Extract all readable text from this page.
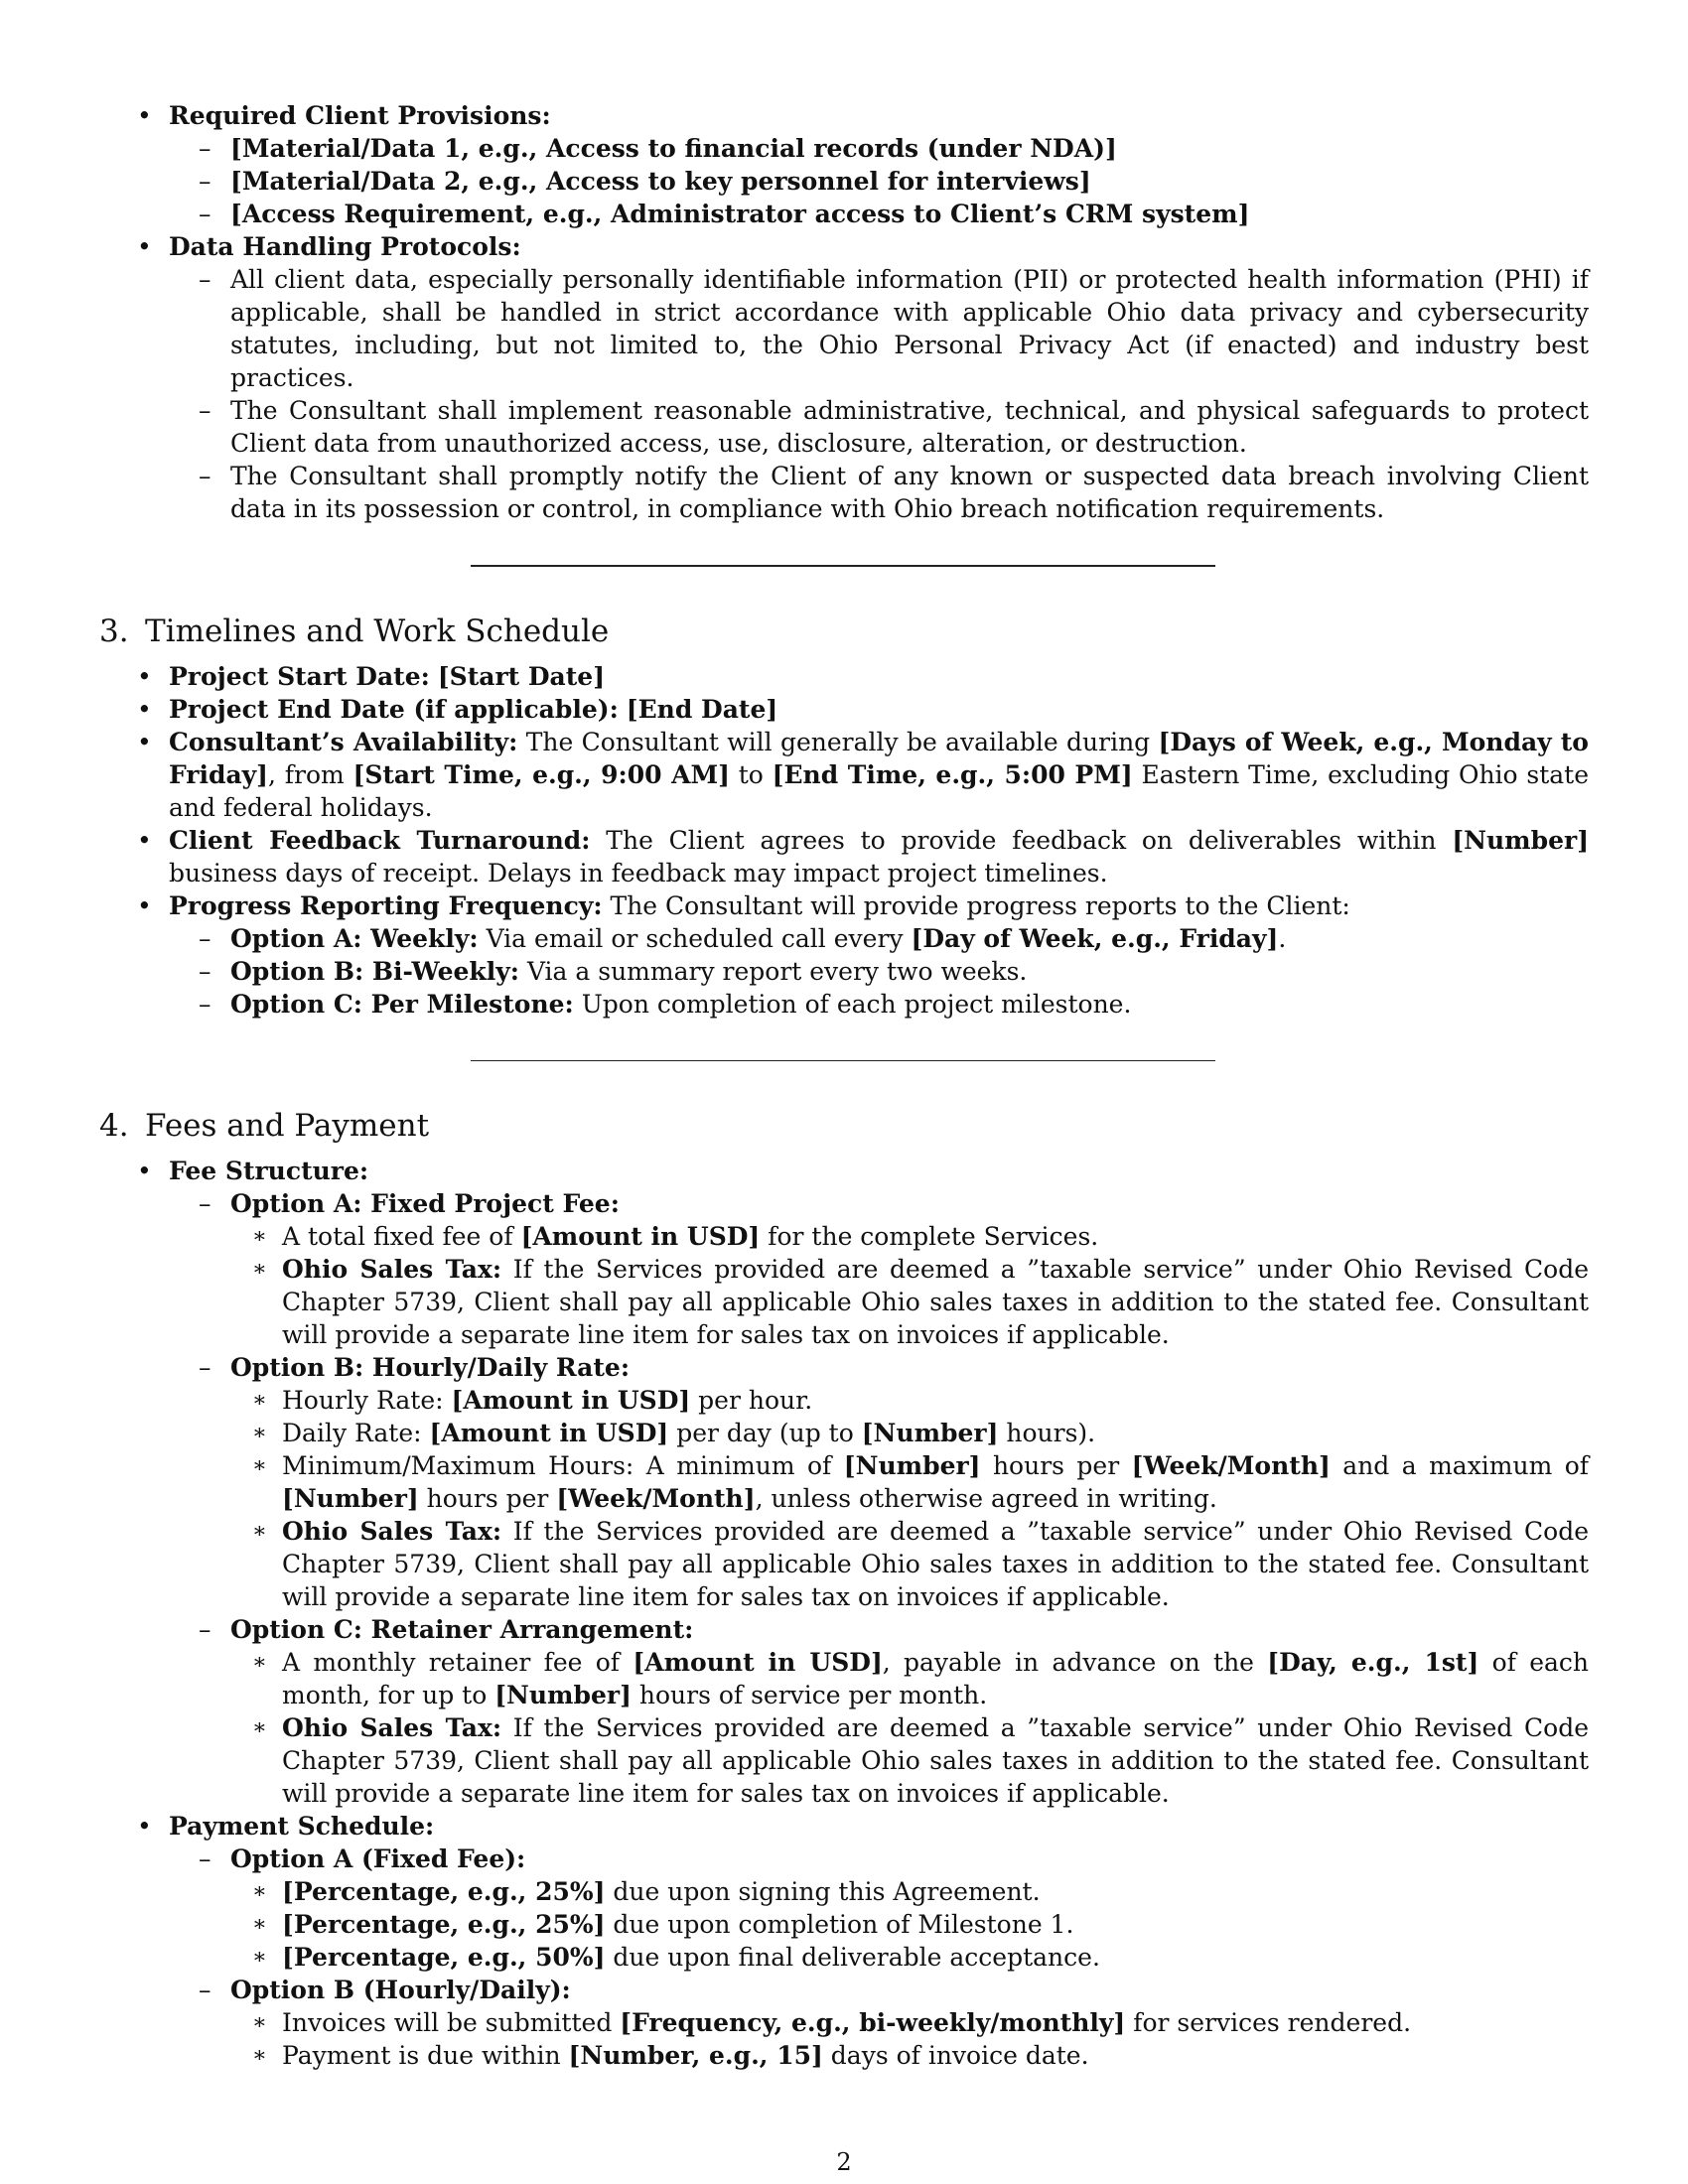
• Required Client Provisions:
– [Material/Data 1, e.g., Access to financial records (under NDA)]
– [Material/Data 2, e.g., Access to key personnel for interviews]
– [Access Requirement, e.g., Administrator access to Client’s CRM system]
• Data Handling Protocols:
– All client data, especially personally identifiable information (PII) or protected health information (PHI) if applicable, shall be handled in strict accordance with applicable Ohio data privacy and cybersecurity statutes, including, but not limited to, the Ohio Personal Privacy Act (if enacted) and industry best practices.
– The Consultant shall implement reasonable administrative, technical, and physical safeguards to protect Client data from unauthorized access, use, disclosure, alteration, or destruction.
– The Consultant shall promptly notify the Client of any known or suspected data breach involving Client data in its possession or control, in compliance with Ohio breach notification requirements.
3. Timelines and Work Schedule
• Project Start Date: [Start Date]
• Project End Date (if applicable): [End Date]
• Consultant’s Availability: The Consultant will generally be available during [Days of Week, e.g., Monday to Friday], from [Start Time, e.g., 9:00 AM] to [End Time, e.g., 5:00 PM] Eastern Time, excluding Ohio state and federal holidays.
• Client Feedback Turnaround: The Client agrees to provide feedback on deliverables within [Number] business days of receipt. Delays in feedback may impact project timelines.
• Progress Reporting Frequency: The Consultant will provide progress reports to the Client:
– Option A: Weekly: Via email or scheduled call every [Day of Week, e.g., Friday].
– Option B: Bi-Weekly: Via a summary report every two weeks.
– Option C: Per Milestone: Upon completion of each project milestone.
4. Fees and Payment
• Fee Structure:
– Option A: Fixed Project Fee:
∗ A total fixed fee of [Amount in USD] for the complete Services.
∗ Ohio Sales Tax: If the Services provided are deemed a ”taxable service” under Ohio Revised Code Chapter 5739, Client shall pay all applicable Ohio sales taxes in addition to the stated fee. Consultant will provide a separate line item for sales tax on invoices if applicable.
– Option B: Hourly/Daily Rate:
∗ Hourly Rate: [Amount in USD] per hour.
∗ Daily Rate: [Amount in USD] per day (up to [Number] hours).
∗ Minimum/Maximum Hours: A minimum of [Number] hours per [Week/Month] and a maximum of [Number] hours per [Week/Month], unless otherwise agreed in writing.
∗ Ohio Sales Tax: If the Services provided are deemed a ”taxable service” under Ohio Revised Code Chapter 5739, Client shall pay all applicable Ohio sales taxes in addition to the stated fee. Consultant will provide a separate line item for sales tax on invoices if applicable.
– Option C: Retainer Arrangement:
∗ A monthly retainer fee of [Amount in USD], payable in advance on the [Day, e.g., 1st] of each month, for up to [Number] hours of service per month.
∗ Ohio Sales Tax: If the Services provided are deemed a ”taxable service” under Ohio Revised Code Chapter 5739, Client shall pay all applicable Ohio sales taxes in addition to the stated fee. Consultant will provide a separate line item for sales tax on invoices if applicable.
• Payment Schedule:
– Option A (Fixed Fee):
∗ [Percentage, e.g., 25%] due upon signing this Agreement.
∗ [Percentage, e.g., 25%] due upon completion of Milestone 1.
∗ [Percentage, e.g., 50%] due upon final deliverable acceptance.
– Option B (Hourly/Daily):
∗ Invoices will be submitted [Frequency, e.g., bi-weekly/monthly] for services rendered.
∗ Payment is due within [Number, e.g., 15] days of invoice date.
2
